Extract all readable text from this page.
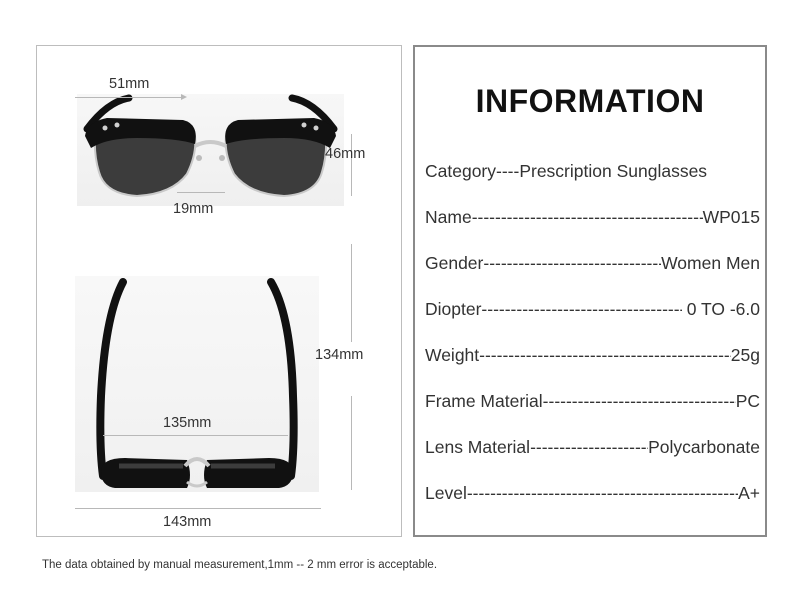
51mm
46mm
19mm
134mm
135mm
143mm
INFORMATION
Category---- Prescription Sunglasses
Name -----	WP015
Gender -----	Women Men
Diopter -----	0 TO -6.0
Weight -----	25g
Frame Material -----	PC
Lens Material -----	Polycarbonate
Level -----	A+
The data obtained by manual measurement,1mm -- 2 mm error is acceptable.
